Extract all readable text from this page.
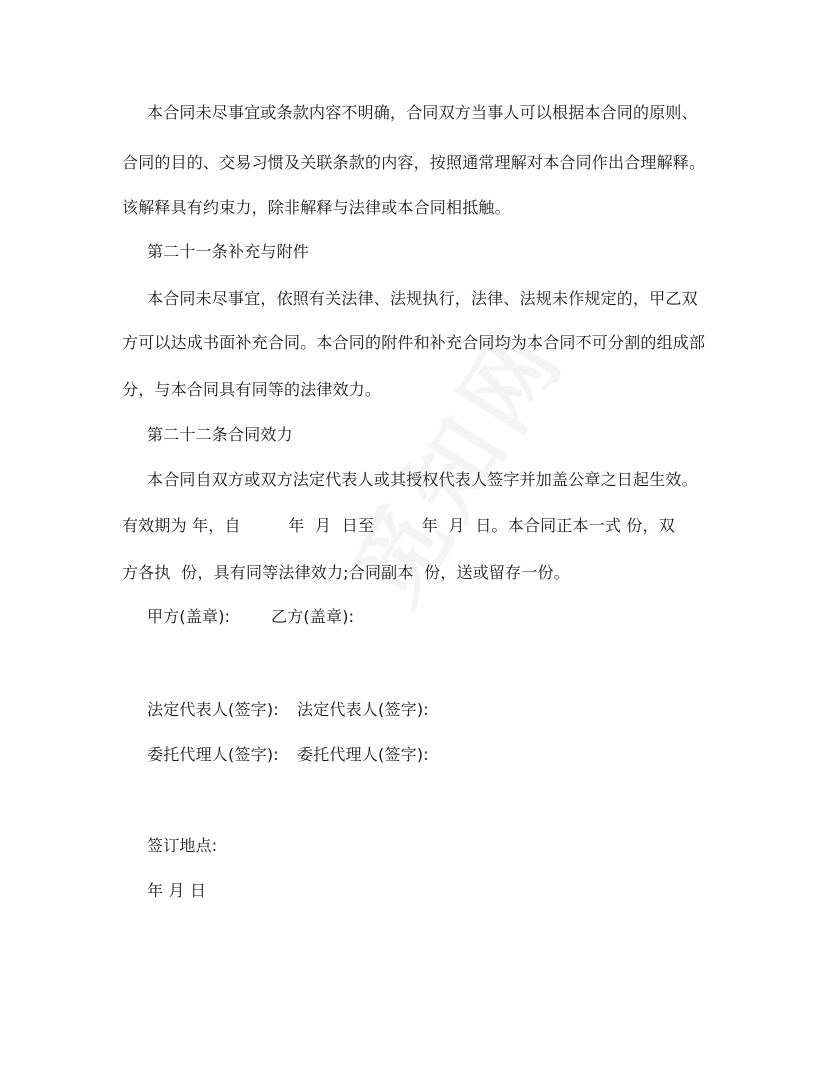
本合同未尽事宜或条款内容不明确，合同双方当事人可以根据本合同的原则、
合同的目的、交易习惯及关联条款的内容，按照通常理解对本合同作出合理解释。
该解释具有约束力，除非解释与法律或本合同相抵触。
第二十一条补充与附件
本合同未尽事宜，依照有关法律、法规执行，法律、法规未作规定的，甲乙双
方可以达成书面补充合同。本合同的附件和补充合同均为本合同不可分割的组成部
分，与本合同具有同等的法律效力。
第二十二条合同效力
本合同自双方或双方法定代表人或其授权代表人签字并加盖公章之日起生效。
有效期为 年，自         年  月  日至         年  月  日。本合同正本一式 份，双
方各执  份，具有同等法律效力;合同副本  份，送或留存一份。
甲方(盖章):	乙方(盖章):
法定代表人(签字): 法定代表人(签字):
委托代理人(签字): 委托代理人(签字):
签订地点:
年 月 日
